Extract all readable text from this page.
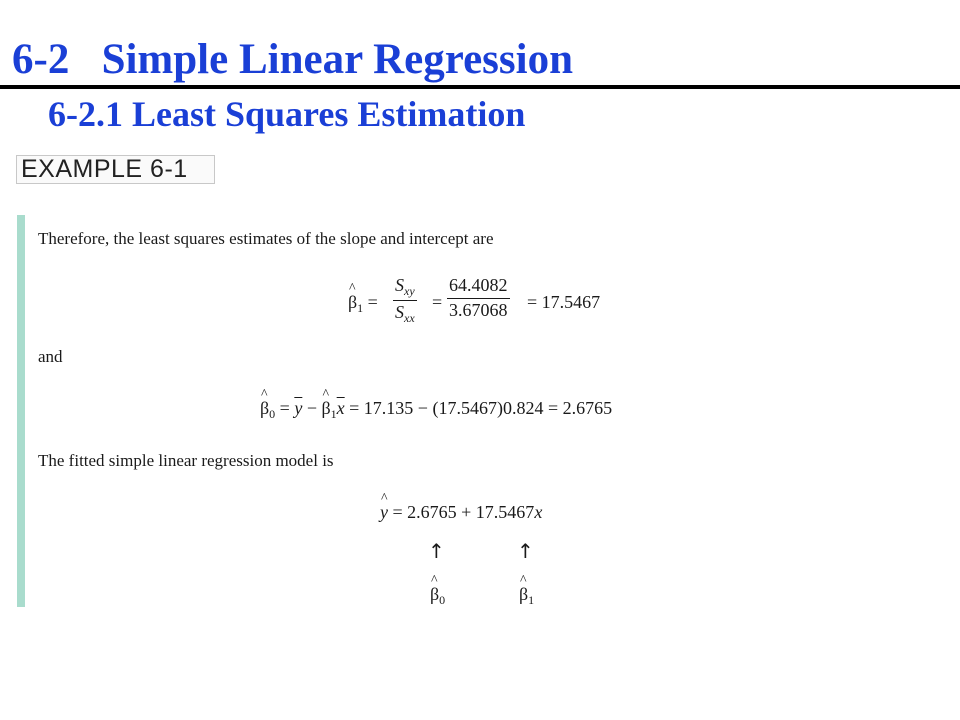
6-2   Simple Linear Regression
6-2.1 Least Squares Estimation
EXAMPLE 6-1
Therefore, the least squares estimates of the slope and intercept are
^ $\beta_1$ =
$S_{xy}$
$S_{xx}$
= $\frac{64.4082}{3.67068} = 17.5467$
and
^ $\beta_0 = \overline{y}$ − ^ $\beta_1\overline{x} = 17.135 - (17.5467)0.824 = 2.6765$
The fitted simple linear regression model is
^ y = 2.6765 + 17.5467x
↑	↑
^ $\beta_0$	^ $\beta_1$
